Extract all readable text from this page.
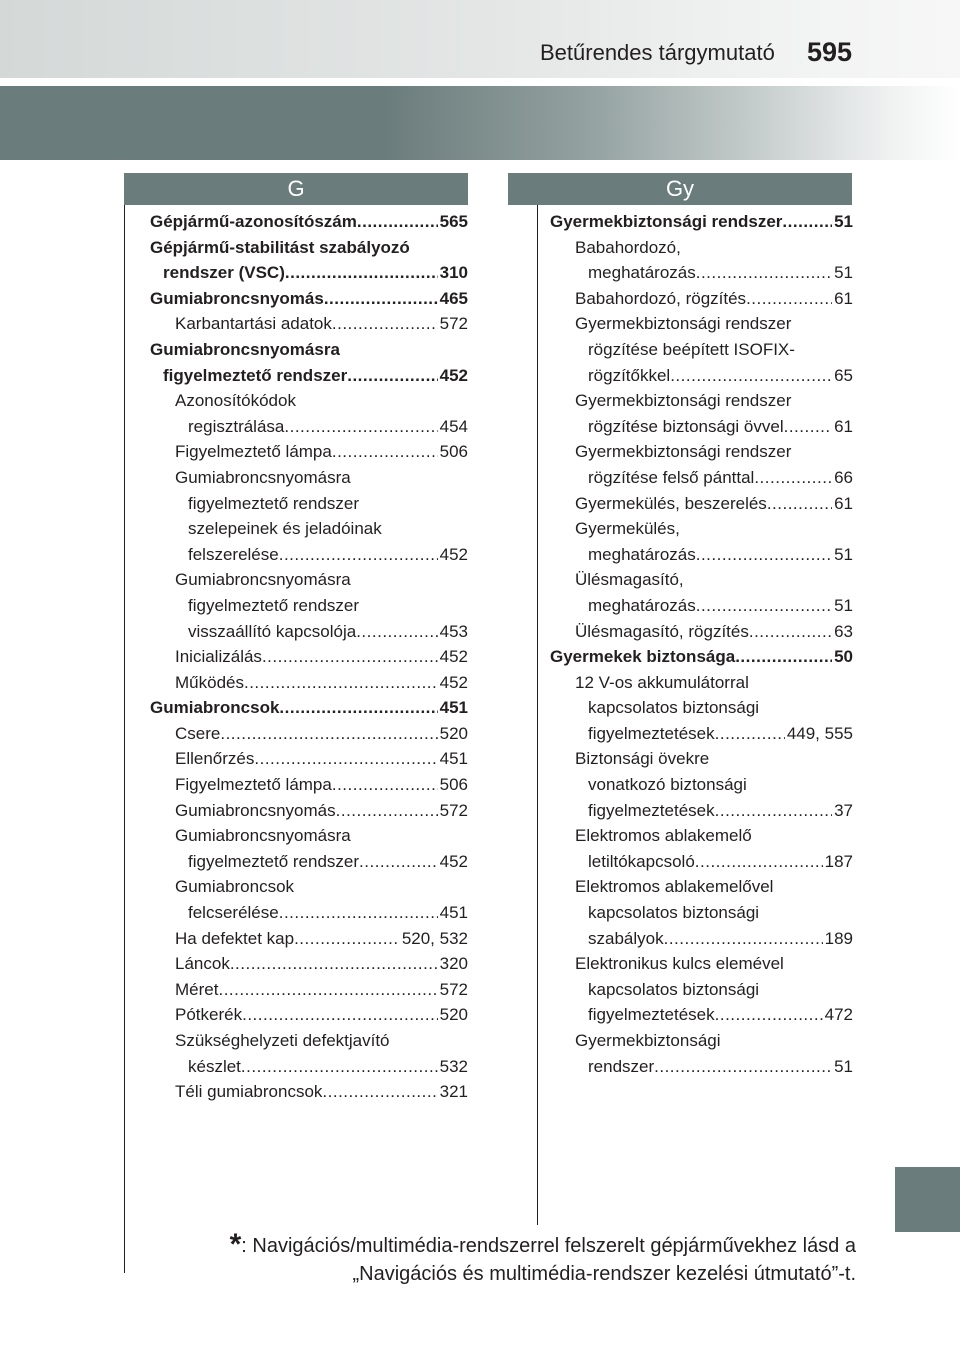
Betűrendes tárgymutató 595
G	Gy
Gépjármű-azonosítószám .....	565
Gépjármű-stabilitást szabályozó
rendszer (VSC) .....	310
Gumiabroncsnyomás .....	465
Karbantartási adatok .....	572
Gumiabroncsnyomásra
figyelmeztető rendszer .....	452
Azonosítókódok
regisztrálása .....	454
Figyelmeztető lámpa .....	506
Gumiabroncsnyomásra
figyelmeztető rendszer
szelepeinek és jeladóinak
felszerelése .....	452
Gumiabroncsnyomásra
figyelmeztető rendszer
visszaállító kapcsolója .....	453
Inicializálás .....	452
Működés .....	452
Gumiabroncsok .....	451
Csere .....	520
Ellenőrzés .....	451
Figyelmeztető lámpa .....	506
Gumiabroncsnyomás .....	572
Gumiabroncsnyomásra
figyelmeztető rendszer .....	452
Gumiabroncsok
felcserélése .....	451
Ha defektet kap .....	520, 532
Láncok .....	320
Méret .....	572
Pótkerék .....	520
Szükséghelyzeti defektjavító
készlet .....	532
Téli gumiabroncsok .....	321
Gyermekbiztonsági rendszer .....	51
Babahordozó,
meghatározás .....	51
Babahordozó, rögzítés .....	61
Gyermekbiztonsági rendszer
rögzítése beépített ISOFIX-
rögzítőkkel .....	65
Gyermekbiztonsági rendszer
rögzítése biztonsági övvel .....	61
Gyermekbiztonsági rendszer
rögzítése felső pánttal .....	66
Gyermekülés, beszerelés .....	61
Gyermekülés,
meghatározás .....	51
Ülésmagasító,
meghatározás .....	51
Ülésmagasító, rögzítés .....	63
Gyermekek biztonsága .....	50
12 V-os akkumulátorral
kapcsolatos biztonsági
figyelmeztetések .....	449, 555
Biztonsági övekre
vonatkozó biztonsági
figyelmeztetések .....	37
Elektromos ablakemelő
letiltókapcsoló .....	187
Elektromos ablakemelővel
kapcsolatos biztonsági
szabályok .....	189
Elektronikus kulcs elemével
kapcsolatos biztonsági
figyelmeztetések .....	472
Gyermekbiztonsági
rendszer .....	51
*: Navigációs/multimédia-rendszerrel felszerelt gépjárművekhez lásd a
„Navigációs és multimédia-rendszer kezelési útmutató”-t.
